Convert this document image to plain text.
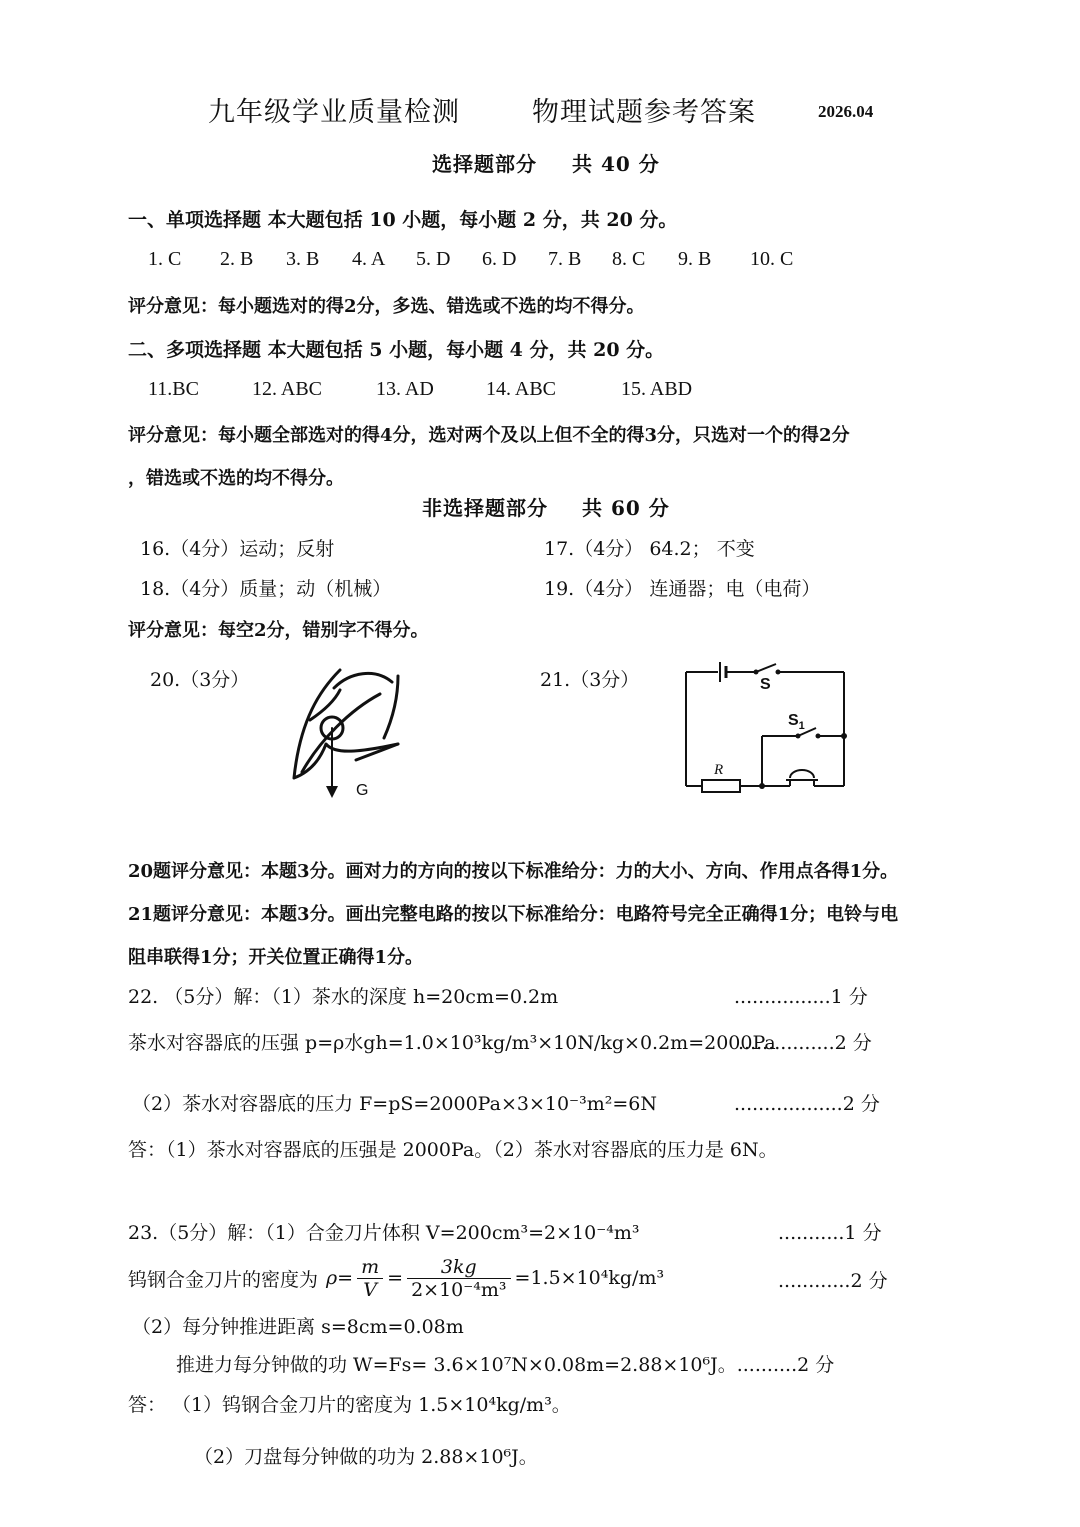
九年级学业质量检测	物理试题参考答案	2026.04
选择题部分 共 40 分
一、单项选择题 本大题包括 10 小题，每小题 2 分，共 20 分。
1. C 2. B 3. B 4. A 5. D 6. D 7. B 8. C 9. B 10. C
评分意见：每小题选对的得2分，多选、错选或不选的均不得分。
二、多项选择题 本大题包括 5 小题，每小题 4 分，共 20 分。
11.BC	12. ABC	13. AD	14. ABC	15. ABD
评分意见：每小题全部选对的得4分，选对两个及以上但不全的得3分，只选对一个的得2分
，错选或不选的均不得分。
非选择题部分 共 60 分
16.（4分）运动；反射	17.（4分） 64.2； 不变
18.（4分）质量；动（机械）	19.（4分） 连通器；电（电荷）
评分意见：每空2分，错别字不得分。
20.（3分）
G
21.（3分）	S
$S_1$
R
20题评分意见：本题3分。画对力的方向的按以下标准给分：力的大小、方向、作用点各得1分。
21题评分意见：本题3分。画出完整电路的按以下标准给分：电路符号完全正确得1分；电铃与电
阻串联得1分；开关位置正确得1分。
22. （5分）解：（1）茶水的深度 h=20cm=0.2m	................1 分
茶水对容器底的压强 p=ρ水gh=1.0×10³kg/m³×10N/kg×0.2m=2000Pa
................2 分
（2）茶水对容器底的压力 F=pS=2000Pa×3×10⁻³m²=6N	..................2 分
答：（1）茶水对容器底的压强是 2000Pa。（2）茶水对容器底的压力是 6N。
23.（5分）解：（1）合金刀片体积 V=200cm³=2×10⁻⁴m³	...........1 分
钨钢合金刀片的密度为 $\rho= \frac{m}{V} = \frac{3kg}{\text{2×10⁻⁴m³}} =1.5\times 10^4kg/m^3$	............2 分
（2）每分钟推进距离 s=8cm=0.08m
推进力每分钟做的功 W=Fs= 3.6×10⁷N×0.08m=2.88×10⁶J。..........2 分
答： （1）钨钢合金刀片的密度为 1.5×10⁴kg/m³。
（2）刀盘每分钟做的功为 2.88×10⁶J。
